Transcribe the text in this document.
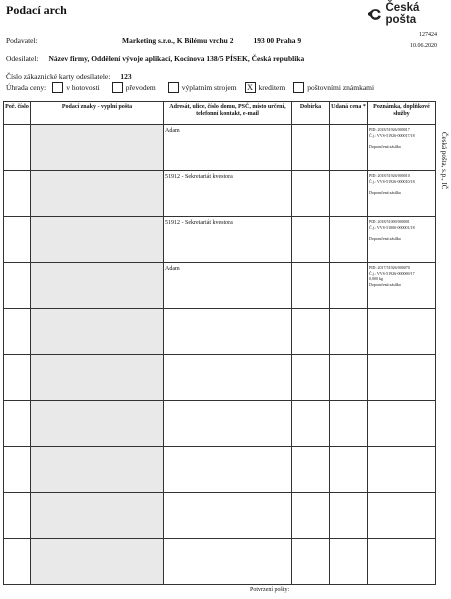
Podací arch	Česká pošta
127424
10.06.2020
Podavatel:	Marketing s.r.o., K Bílému vrchu 2	193 00 Praha 9
Odesilatel: Název firmy, Oddělení vývoje aplikací, Kocínova 138/5 PÍSEK, Česká republika
Číslo zákaznické karty odesílatele: 123
Úhrada ceny:	v hotovosti	převodem	výplatním strojem	X kreditem	poštovními známkami
Poř. číslo	Podací znaky - vyplní pošta	Adresát, ulice, číslo domu, PSČ, místo určení, telefonní kontakt, e-mail	Dobírka	Udaná cena *	Poznámka, doplňkové služby

		Adam			PID: 2018/51926/000017
Č.j.: VVS-51926-000017/18

Doporučená zásilka

		51912 - Sekretariát kvestora			PID: 2018/51926/000010
Č.j.: VVS-51926-000010/18

Doporučená zásilka

		51912 - Sekretariát kvestora			PID: 2018/51000/000001
Č.j.: VVS-51000-000001/18

Doporučená zásilka

		Adam			PID: 2017/51926/000070
Č.j.: VVS-51926-000069/17
0,000 kg
Doporučená zásilka

Česká pošta, s.p., IČ
Potvrzení pošty:
